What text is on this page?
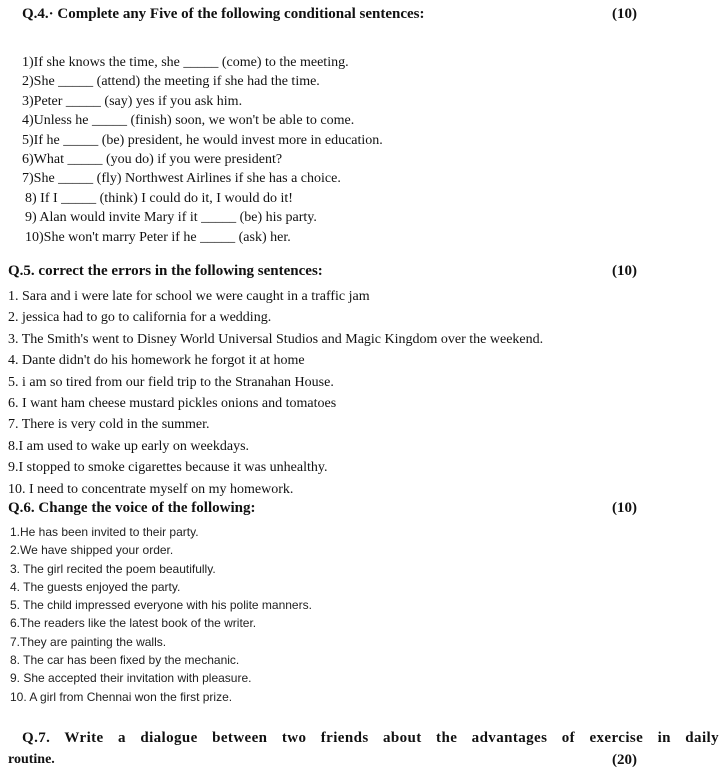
Q.4.· Complete any Five of the following conditional sentences:	(10)
1)If she knows the time, she _____ (come) to the meeting.
2)She _____ (attend) the meeting if she had the time.
3)Peter _____ (say) yes if you ask him.
4)Unless he _____ (finish) soon, we won't be able to come.
5)If he _____ (be) president, he would invest more in education.
6)What _____ (you do) if you were president?
7)She _____ (fly) Northwest Airlines if she has a choice.
8) If I _____ (think) I could do it, I would do it!
9) Alan would invite Mary if it _____ (be) his party.
10)She won't marry Peter if he _____ (ask) her.
Q.5. correct the errors in the following sentences:	(10)
1. Sara and i were late for school we were caught in a traffic jam
2. jessica had to go to california for a wedding.
3. The Smith's went to Disney World Universal Studios and Magic Kingdom over the weekend.
4. Dante didn't do his homework he forgot it at home
5. i am so tired from our field trip to the Stranahan House.
6. I want ham cheese mustard pickles onions and tomatoes
7. There is very cold in the summer.
8.I am used to wake up early on weekdays.
9.I stopped to smoke cigarettes because it was unhealthy.
10. I need to concentrate myself on my homework.
Q.6. Change the voice of the following:	(10)
1.He has been invited to their party.
2.We have shipped your order.
3. The girl recited the poem beautifully.
4. The guests enjoyed the party.
5. The child impressed everyone with his polite manners.
6.The readers like the latest book of the writer.
7.They are painting the walls.
8. The car has been fixed by the mechanic.
9. She accepted their invitation with pleasure.
10. A girl from Chennai won the first prize.
Q.7. Write a dialogue between two friends about the advantages of exercise in daily
routine.	(20)
